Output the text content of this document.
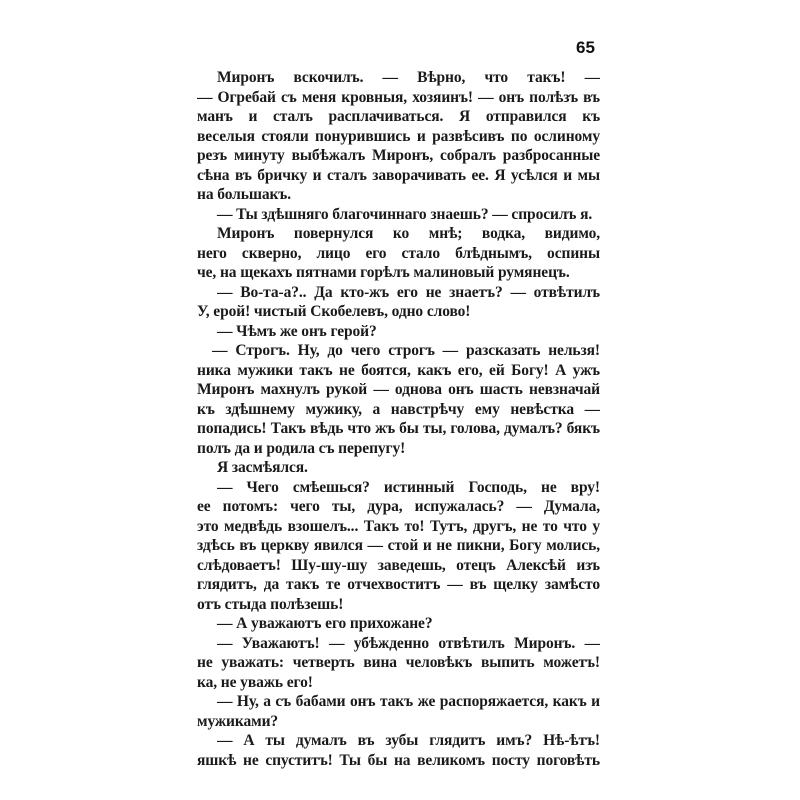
65
Миронъ вскочилъ. — Вѣрно, что такъ! —
— Огребай съ меня кровныя, хозяинъ! — онъ полѣзъ въ
манъ и сталъ расплачиваться. Я отправился къ
веселыя стояли понурившись и развѣсивъ по ослиному
резъ минуту выбѣжалъ Миронъ, собралъ разбросанные
сѣна въ бричку и сталъ заворачивать ее. Я усѣлся и мы
на большакъ.
— Ты здѣшняго благочиннаго знаешь? — спросилъ я.
Миронъ повернулся ко мнѣ; водка, видимо,
него скверно, лицо его стало блѣднымъ, оспины
че, на щекахъ пятнами горѣлъ малиновый румянецъ.
— Во-та-а?.. Да кто-жъ его не знаетъ? — отвѣтилъ
У, ерой! чистый Скобелевъ, одно слово!
— Чѣмъ же онъ герой?
— Строгъ. Ну, до чего строгъ — разсказать нельзя!
ника мужики такъ не боятся, какъ его, ей Богу! А ужъ
Миронъ махнулъ рукой — однова онъ шасть невзначай
къ здѣшнему мужику, а навстрѣчу ему невѣстка —
попадись! Такъ вѣдь что жъ бы ты, голова, думалъ? бякъ
полъ да и родила съ перепугу!
Я засмѣялся.
— Чего смѣешься? истинный Господь, не вру!
ее потомъ: чего ты, дура, испужалась? — Думала,
это медвѣдь взошелъ... Такъ то! Тутъ, другъ, не то что у
здѣсь въ церкву явился — стой и не пикни, Богу молись,
слѣдоваетъ! Шу-шу-шу заведешь, отецъ Алексѣй изъ
глядитъ, да такъ те отчехвоститъ — въ щелку замѣсто
отъ стыда полѣзешь!
— А уважаютъ его прихожане?
— Уважаютъ! — убѣжденно отвѣтилъ Миронъ. —
не уважать: четверть вина человѣкъ выпить можетъ!
ка, не уважь его!
— Ну, а съ бабами онъ такъ же распоряжается, какъ и
мужиками?
— А ты думалъ въ зубы глядитъ имъ? Нѣ-ѣтъ!
яшкѣ не спуститъ! Ты бы на великомъ посту поговѣть
